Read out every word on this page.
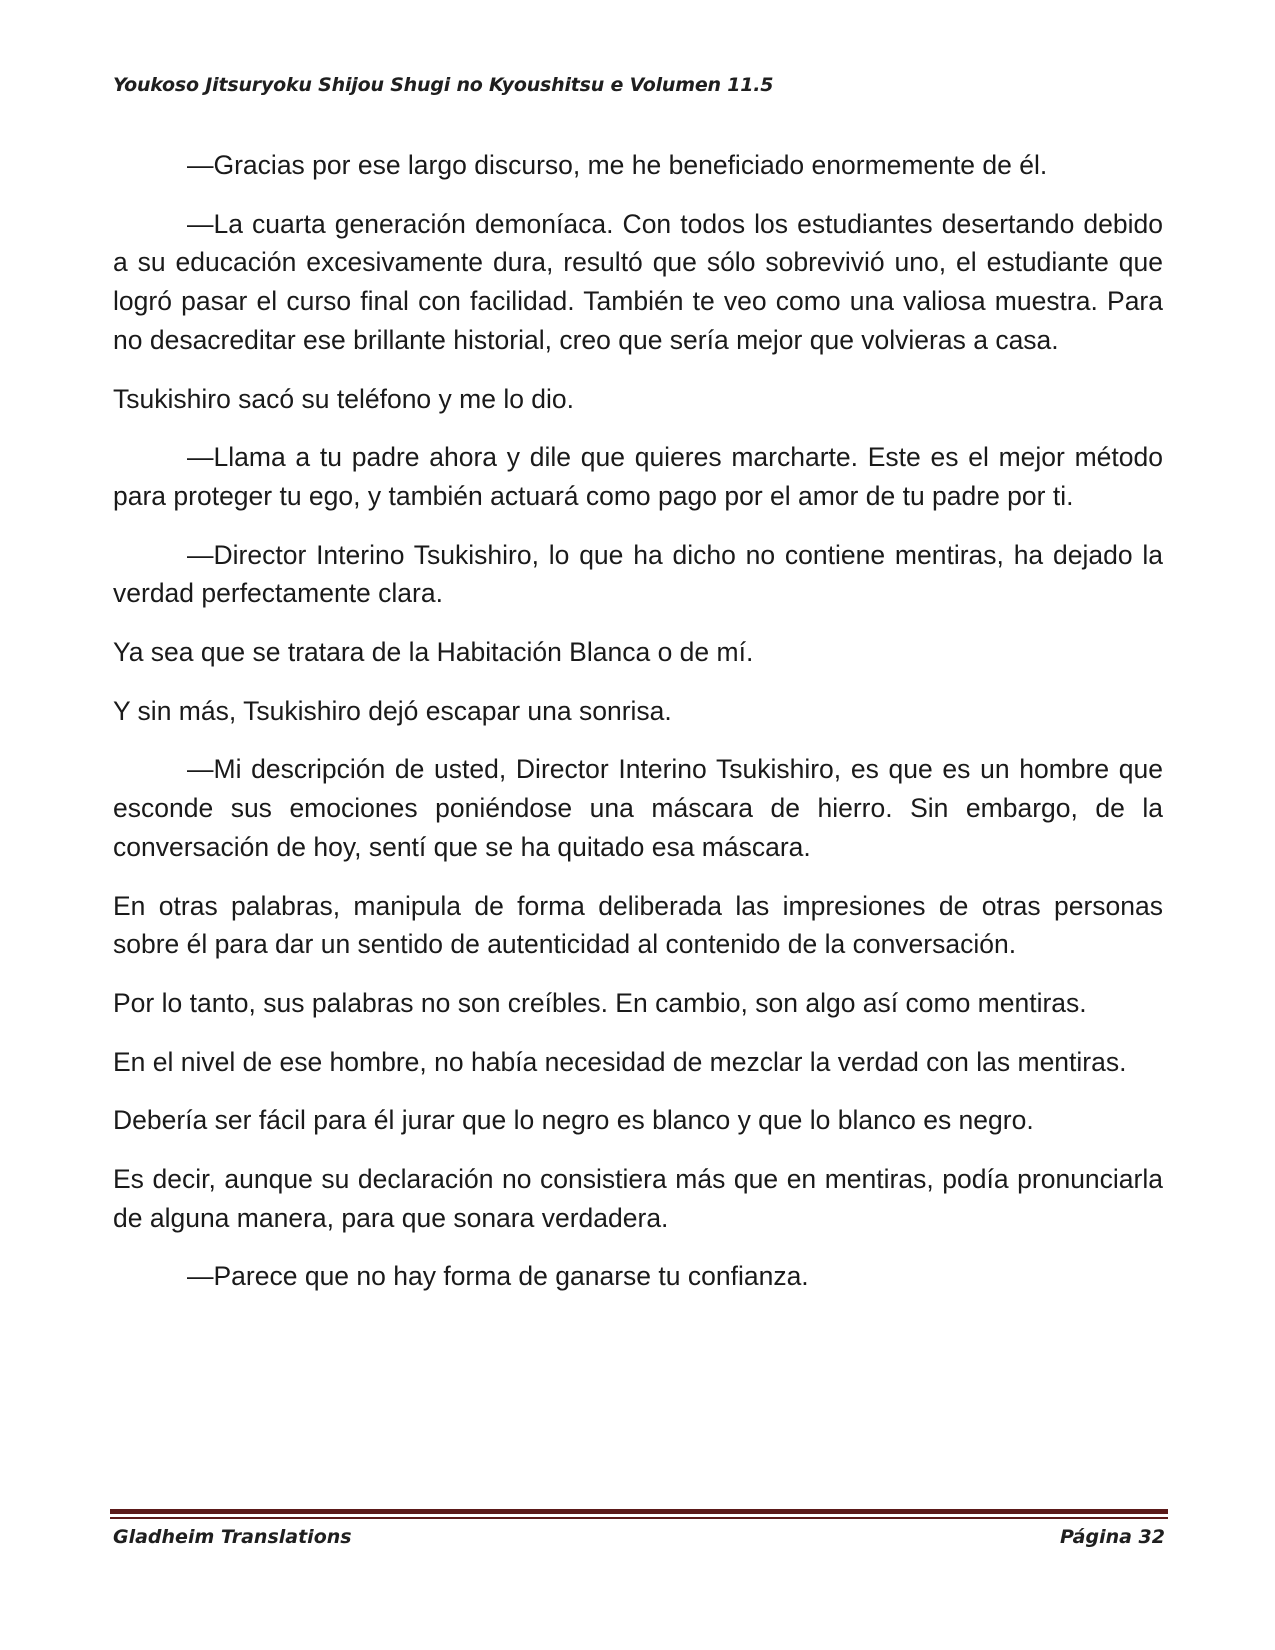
Youkoso Jitsuryoku Shijou Shugi no Kyoushitsu e Volumen 11.5

—Gracias por ese largo discurso, me he beneficiado enormemente de él.

—La cuarta generación demoníaca. Con todos los estudiantes desertando debido a su educación excesivamente dura, resultó que sólo sobrevivió uno, el estudiante que logró pasar el curso final con facilidad. También te veo como una valiosa muestra. Para no desacreditar ese brillante historial, creo que sería mejor que volvieras a casa.

Tsukishiro sacó su teléfono y me lo dio.

—Llama a tu padre ahora y dile que quieres marcharte. Este es el mejor método para proteger tu ego, y también actuará como pago por el amor de tu padre por ti.

—Director Interino Tsukishiro, lo que ha dicho no contiene mentiras, ha dejado la verdad perfectamente clara.

Ya sea que se tratara de la Habitación Blanca o de mí.

Y sin más, Tsukishiro dejó escapar una sonrisa.

—Mi descripción de usted, Director Interino Tsukishiro, es que es un hombre que esconde sus emociones poniéndose una máscara de hierro. Sin embargo, de la conversación de hoy, sentí que se ha quitado esa máscara.

En otras palabras, manipula de forma deliberada las impresiones de otras personas sobre él para dar un sentido de autenticidad al contenido de la conversación.

Por lo tanto, sus palabras no son creíbles. En cambio, son algo así como mentiras.

En el nivel de ese hombre, no había necesidad de mezclar la verdad con las mentiras.

Debería ser fácil para él jurar que lo negro es blanco y que lo blanco es negro.

Es decir, aunque su declaración no consistiera más que en mentiras, podía pronunciarla de alguna manera, para que sonara verdadera.

—Parece que no hay forma de ganarse tu confianza.

Gladheim Translations	Página 32
